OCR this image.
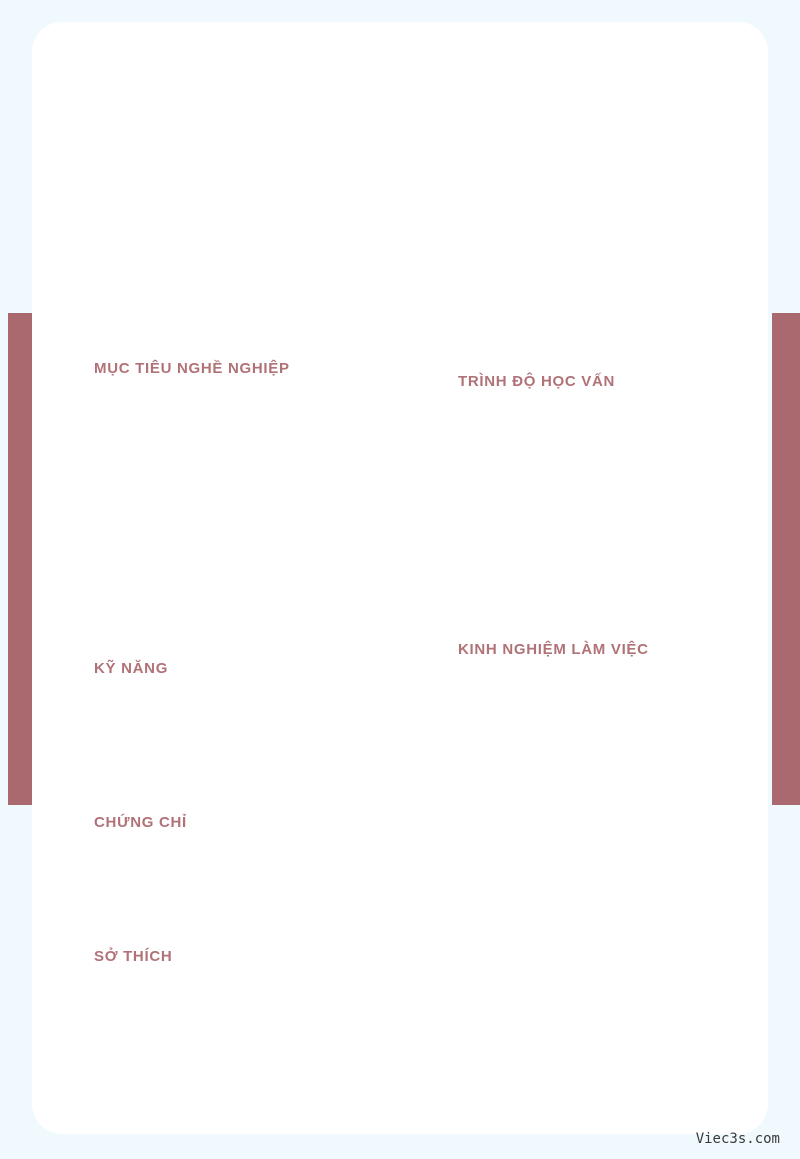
MỤC TIÊU NGHỀ NGHIỆP
•
•
•
•
KỸ NĂNG
CHỨNG CHỈ
SỞ THÍCH
TRÌNH ĐỘ HỌC VẤN
KINH NGHIỆM LÀM VIỆC
Viec3s.com
